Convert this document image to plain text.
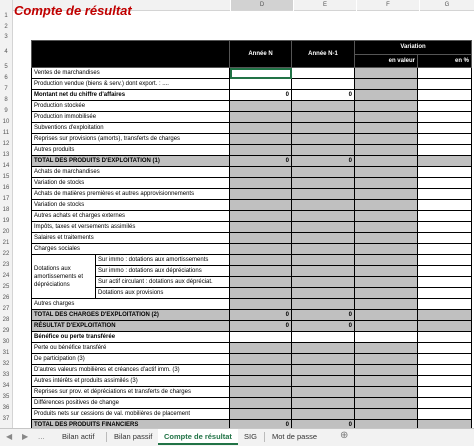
D	E	F	G
Compte de résultat
1
2
3
4
5
6
7
8
9
10
11
12
13
14
15
16
17
18
19
20
21
22
23
24
25
26
27
28
29
30
31
32
33
34
35
36
37
		Année N	Année N-1	Variation	
				en valeur	en %
Ventes de marchandises					
Production vendue (biens & serv.) dont export. : ....					
Montant net du chiffre d'affaires		0	0		
Production stockée					
Production immobilisée					
Subventions d'exploitation					
Reprises sur provisions (amorts), transferts de charges					
Autres produits					
TOTAL DES PRODUITS D'EXPLOITATION (1)		0	0		
Achats de marchandises					
Variation de stocks					
Achats de matières premières et autres approvisionnements					
Variation de stocks					
Autres achats et charges externes					
Impôts, taxes et versements assimilés					
Salaires et traitements					
Charges sociales					
Dotations aux amortissements et dépréciations	Sur immo : dotations aux amortissements				
	Sur immo : dotations aux dépréciations				
	Sur actif circulant : dotations aux dépréciat.				
	Dotations aux provisions				
Autres charges					
TOTAL DES CHARGES D'EXPLOITATION (2)		0	0		
RÉSULTAT D'EXPLOITATION		0	0		
Bénéfice ou perte transférée					
Perte ou bénéfice transféré					
De participation (3)					
D'autres valeurs mobilières et créances d'actif imm. (3)					
Autres intérêts et produits assimilés (3)					
Reprises sur prov. et dépréciations et transferts de charges					
Différences positives de change					
Produits nets sur cessions de val. mobilières de placement					
TOTAL DES PRODUITS FINANCIERS		0	0		
◀ ▶ ...	Bilan actif	Bilan passif	Compte de résultat	SIG	Mot de passe	⊕
